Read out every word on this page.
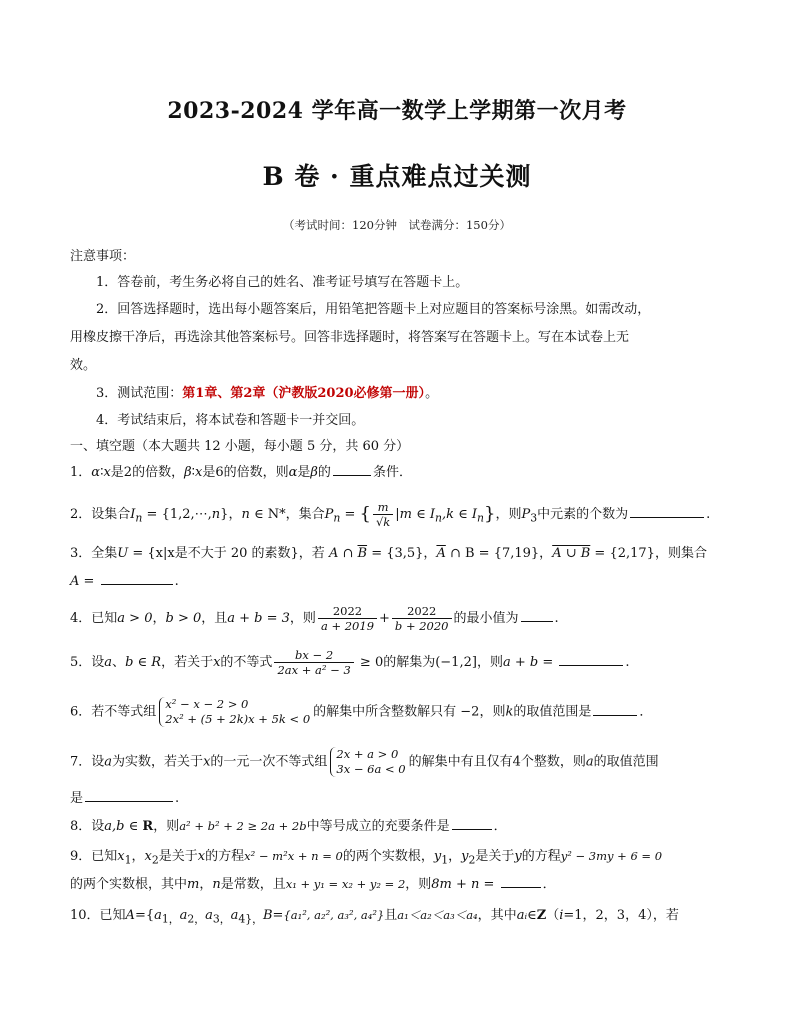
2023-2024 学年高一数学上学期第一次月考
B 卷 · 重点难点过关测
（考试时间：120分钟　试卷满分：150分）
注意事项：
1．答卷前，考生务必将自己的姓名、准考证号填写在答题卡上。
2．回答选择题时，选出每小题答案后，用铅笔把答题卡上对应题目的答案标号涂黑。如需改动，
用橡皮擦干净后，再选涂其他答案标号。回答非选择题时，将答案写在答题卡上。写在本试卷上无
效。
3．测试范围：第1章、第2章（沪教版2020必修第一册）。
4．考试结束后，将本试卷和答题卡一并交回。
一、填空题（本大题共 12 小题，每小题 5 分，共 60 分）
1．α∶x是2的倍数，β∶x是6的倍数，则α是β的	条件．
2．设集合$I_n$ = {1,2,⋯,n}，n ∈ N*，集合$P_n$ = { $\frac{m}{√k} |m$ ∈ $I_n,k$ ∈ $I_n$}，则$P_3$中元素的个数为	.
3．全集U = {x|x是不大于 20 的素数}，若 A ∩ $\overline{B} = \{3,5\}$，$\overline{A}$ ∩ B = {7,19}，A ∪ B = {2,17}，则集合
A =	.
4．已知a > 0，b > 0，且a + b = 3，则 $\frac{2022}{a + 2019} + \frac{2022}{b + 2020}$ 的最小值为	.
5．设a、b ∈ R，若关于x的不等式 $\frac{bx - 2}{\text{2ax + a² − 3}} \ge 0$的解集为(−1,2]，则a + b =	.
6．若不等式组
x² − x − 2 > 0
2x² + (5 + 2k)x + 5k < 0 的解集中所含整数解只有 −2，则k的取值范围是	．
7．设a为实数，若关于x的一元一次不等式组
2x + a > 0
3x − 6a < 0 的解集中有且仅有4个整数，则a的取值范围
是	.
8．设a,b ∈ R，则a² + b² + 2 ≥ 2a + 2b中等号成立的充要条件是	．
9．已知$x_1$，$x_2$是关于x的方程x² − m²x + n = 0的两个实数根，$y_1$，$y_2$是关于y的方程y² − 3my + 6 = 0
的两个实数根，其中m，n是常数，且x₁ + y₁ = x₂ + y₂ = 2，则8m + n =	．
10．已知$A=\{a_{1,}a_{2,}a_{3,}a_{4\},}B=\{a_1^2$, a₂², a₃², a₄²}且a₁＜a₂＜a₃＜a₄，其中aᵢ∈Z（i=1，2，3，4），若
